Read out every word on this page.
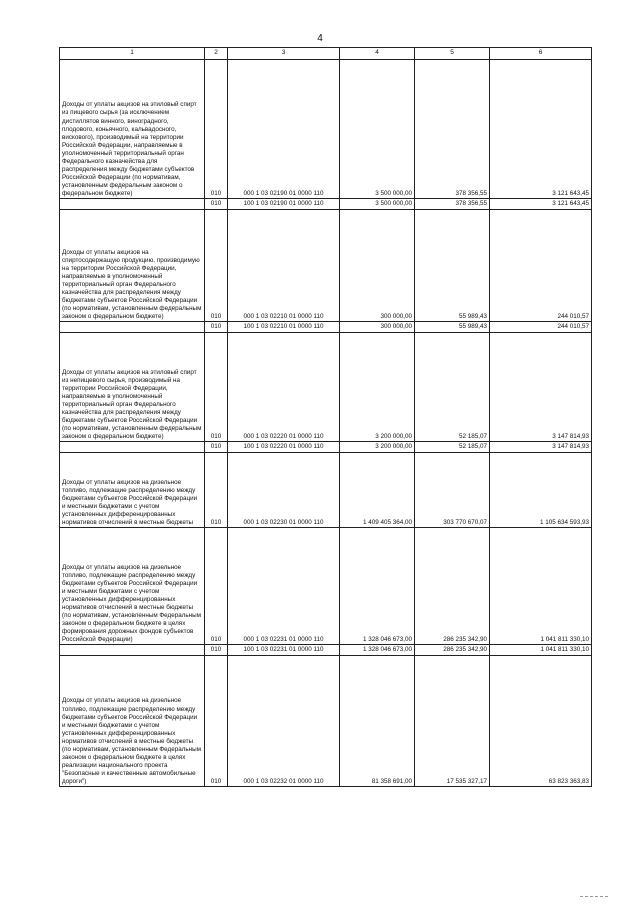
4
1	2	3	4	5	6
Доходы от уплаты акцизов на этиловый спирт из пищевого сырья (за исключением дистиллятов винного, виноградного, плодового, коньячного, кальвадосного, вискового), производимый на территории Российской Федерации, направляемые в уполномоченный территориальный орган Федерального казначейства для распределения между бюджетами субъектов Российской Федерации (по нормативам, установленным федеральным законом о федеральном бюджете)	010	000 1 03 02190 01 0000 110	3 500 000,00	378 356,55	3 121 643,45
	010	100 1 03 02190 01 0000 110	3 500 000,00	378 356,55	3 121 643,45
Доходы от уплаты акцизов на спиртосодержащую продукцию, производимую на территории Российской Федерации, направляемые в уполномоченный территориальный орган Федерального казначейства для распределения между бюджетами субъектов Российской Федерации (по нормативам, установленным федеральным законом о федеральном бюджете)	010	000 1 03 02210 01 0000 110	300 000,00	55 989,43	244 010,57
	010	100 1 03 02210 01 0000 110	300 000,00	55 989,43	244 010,57
Доходы от уплаты акцизов на этиловый спирт из непищевого сырья, производимый на территории Российской Федерации, направляемые в уполномоченный территориальный орган Федерального казначейства для распределения между бюджетами субъектов Российской Федерации (по нормативам, установленным федеральным законом о федеральном бюджете)	010	000 1 03 02220 01 0000 110	3 200 000,00	52 185,07	3 147 814,93
	010	100 1 03 02220 01 0000 110	3 200 000,00	52 185,07	3 147 814,93
Доходы от уплаты акцизов на дизельное топливо, подлежащие распределению между бюджетами субъектов Российской Федерации и местными бюджетами с учетом установленных дифференцированных нормативов отчислений в местные бюджеты	010	000 1 03 02230 01 0000 110	1 409 405 364,00	303 770 670,07	1 105 634 593,93
Доходы от уплаты акцизов на дизельное топливо, подлежащие распределению между бюджетами субъектов Российской Федерации и местными бюджетами с учетом установленных дифференцированных нормативов отчислений в местные бюджеты (по нормативам, установленным Федеральным законом о федеральном бюджете в целях формирования дорожных фондов субъектов Российской Федерации)	010	000 1 03 02231 01 0000 110	1 328 046 673,00	286 235 342,90	1 041 811 330,10
	010	100 1 03 02231 01 0000 110	1 328 046 673,00	286 235 342,90	1 041 811 330,10
Доходы от уплаты акцизов на дизельное топливо, подлежащие распределению между бюджетами субъектов Российской Федерации и местными бюджетами с учетом установленных дифференцированных нормативов отчислений в местные бюджеты (по нормативам, установленным Федеральным законом о федеральном бюджете в целях реализации национального проекта "Безопасные и качественные автомобильные дороги")	010	000 1 03 02232 01 0000 110	81 358 691,00	17 535 327,17	63 823 363,83
